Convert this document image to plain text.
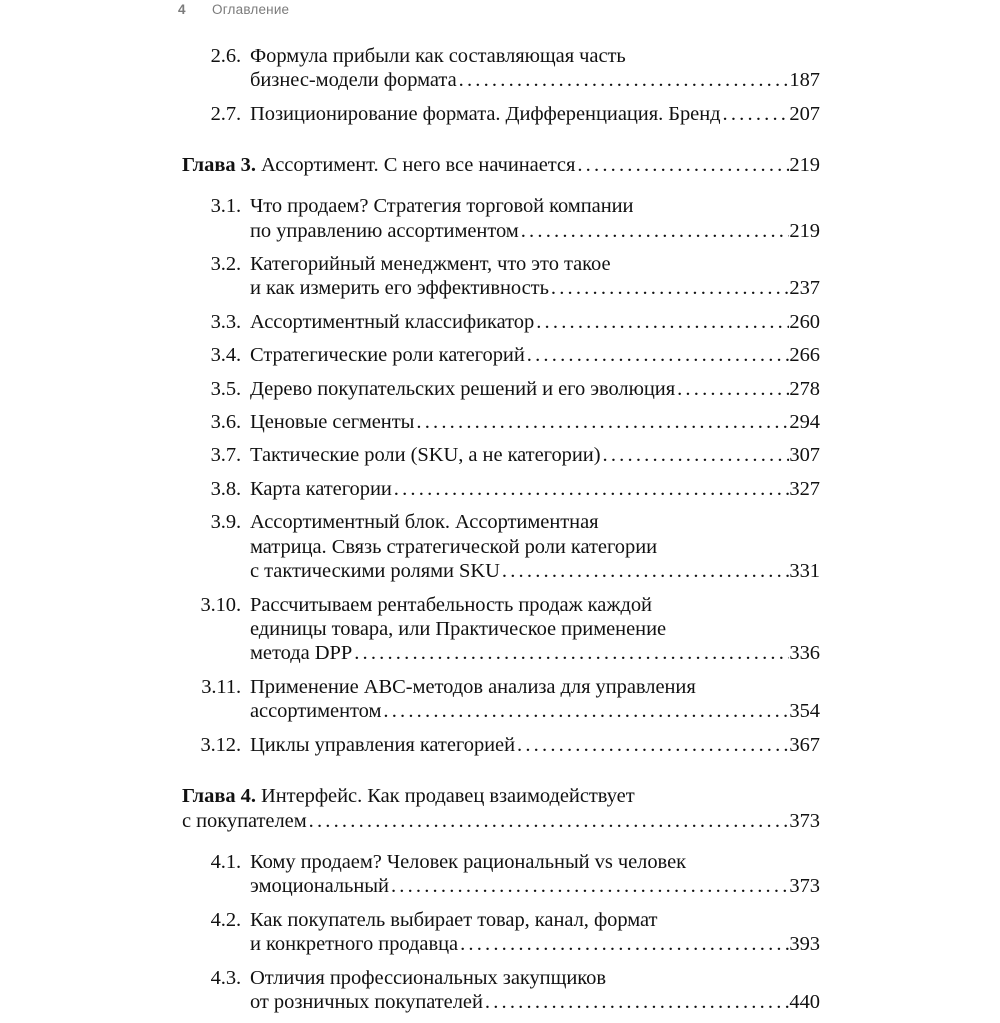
4	Оглавление
2.6. Формула прибыли как составляющая часть
бизнес-модели формата .....	187
2.7. Позиционирование формата. Дифференциация. Бренд .....	207
Глава 3. Ассортимент. С него все начинается .....	219
3.1. Что продаем? Стратегия торговой компании
по управлению ассортиментом .....	219
3.2. Категорийный менеджмент, что это такое
и как измерить его эффективность .....	237
3.3. Ассортиментный классификатор .....	260
3.4. Стратегические роли категорий .....	266
3.5. Дерево покупательских решений и его эволюция .....	278
3.6. Ценовые сегменты .....	294
3.7. Тактические роли (SKU, а не категории) .....	307
3.8. Карта категории .....	327
3.9. Ассортиментный блок. Ассортиментная
матрица. Связь стратегической роли категории
с тактическими ролями SKU .....	331
3.10. Рассчитываем рентабельность продаж каждой
единицы товара, или Практическое применение
метода DPP .....	336
3.11. Применение ABC-методов анализа для управления
ассортиментом .....	354
3.12. Циклы управления категорией .....	367
Глава 4. Интерфейс. Как продавец взаимодействует
с покупателем .....	373
4.1. Кому продаем? Человек рациональный vs человек
эмоциональный .....	373
4.2. Как покупатель выбирает товар, канал, формат
и конкретного продавца .....	393
4.3. Отличия профессиональных закупщиков
от розничных покупателей .....	440
